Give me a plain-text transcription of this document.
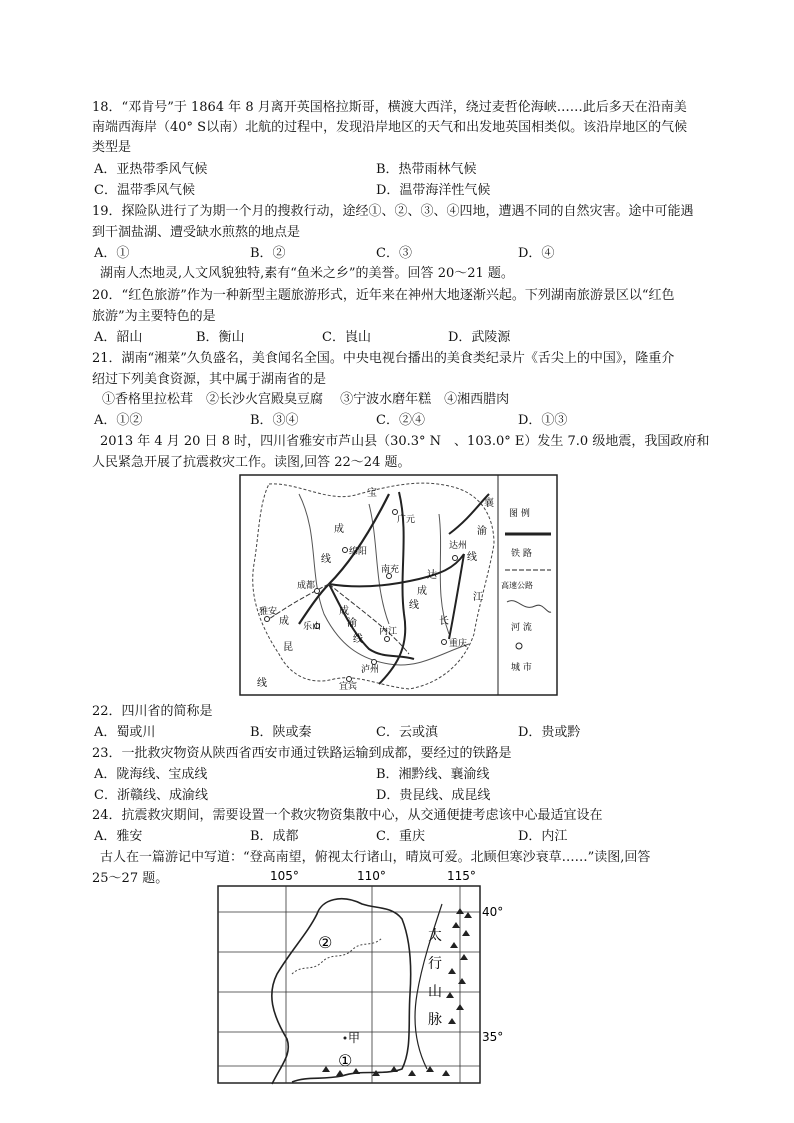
18．“邓肯号”于 1864 年 8 月离开英国格拉斯哥，横渡大西洋，绕过麦哲伦海峡……此后多天在沿南美
南端西海岸（40° S以南）北航的过程中，发现沿岸地区的天气和出发地英国相类似。该沿岸地区的气候
类型是
A．亚热带季风气候	B．热带雨林气候
C．温带季风气候	D．温带海洋性气候
19．探险队进行了为期一个月的搜救行动，途经①、②、③、④四地，遭遇不同的自然灾害。途中可能遇
到干涸盐湖、遭受缺水煎熬的地点是
A．①	B．②	C．③	D．④
湖南人杰地灵,人文风貌独特,素有“鱼米之乡”的美誉。回答 20～21 题。
20．“红色旅游”作为一种新型主题旅游形式，近年来在神州大地逐渐兴起。下列湖南旅游景区以“红色
旅游”为主要特色的是
A．韶山	B．衡山	C．崀山	D．武陵源
21．湖南“湘菜”久负盛名，美食闻名全国。中央电视台播出的美食类纪录片《舌尖上的中国》，隆重介
绍过下列美食资源，其中属于湖南省的是
①香格里拉松茸　②长沙火宫殿臭豆腐　 ③宁波水磨年糕　④湘西腊肉
A．①②	B．③④	C．②④	D．①③
2013 年 4 月 20 日 8 时，四川省雅安市芦山县（30.3° N　、103.0° E）发生 7.0 级地震，我国政府和
人民紧急开展了抗震救灾工作。读图,回答 22～24 题。
广元
绵阳
达州
南充
成都
雅安
乐山	内江
重庆
泸州
宜宾
宝
成
线
襄
渝
线
成
渝
线
成
昆
线
达
成
线
长
江
图 例
铁 路
高速公路
河 流
城 市
22．四川省的简称是
A．蜀或川	B．陕或秦	C．云或滇	D．贵或黔
23．一批救灾物资从陕西省西安市通过铁路运输到成都，要经过的铁路是
A．陇海线、宝成线	B．湘黔线、襄渝线
C．浙赣线、成渝线	D．贵昆线、成昆线
24．抗震救灾期间，需要设置一个救灾物资集散中心，从交通便捷考虑该中心最适宜设在
A．雅安	B．成都	C．重庆	D．内江
古人在一篇游记中写道：“登高南望，俯视太行诸山，晴岚可爱。北顾但寒沙衰草……”读图,回答
25～27 题。	105°	110°	115°
40°
35°
太
行
山
脉
②
①
甲
